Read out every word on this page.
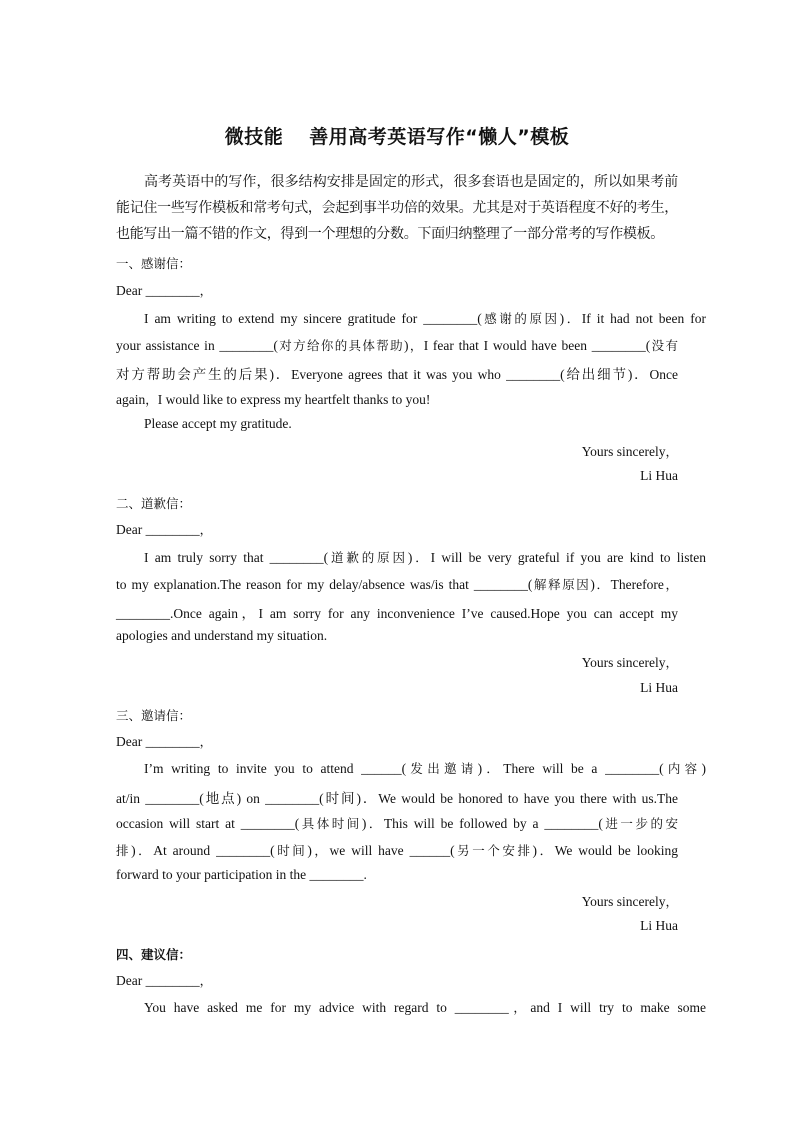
微技能 善用高考英语写作“懒人”模板
高考英语中的写作，很多结构安排是固定的形式，很多套语也是固定的，所以如果考前能记住一些写作模板和常考句式，会起到事半功倍的效果。尤其是对于英语程度不好的考生，也能写出一篇不错的作文，得到一个理想的分数。下面归纳整理了一部分常考的写作模板。
一、感谢信：
Dear ________，
I am writing to extend my sincere gratitude for ________(感谢的原因)．If it had not been for
your assistance in ________(对方给你的具体帮助)，I fear that I would have been ________(没有
对方帮助会产生的后果)．Everyone agrees that it was you who ________(给出细节)．Once
again，I would like to express my heartfelt thanks to you!
Please accept my gratitude.
Yours sincerely，
Li Hua
二、道歉信：
Dear ________，
I am truly sorry that ________(道歉的原因)．I will be very grateful if you are kind to listen
to my explanation.The reason for my delay/absence was/is that ________(解释原因)．Therefore，
________.Once again，I am sorry for any inconvenience I’ve caused.Hope you can accept my
apologies and understand my situation.
Yours sincerely，
Li Hua
三、邀请信：
Dear ________，
I’m writing to invite you to attend ______(发出邀请)．There will be a ________(内容)
at/in ________(地点) on ________(时间)．We would be honored to have you there with us.The
occasion will start at ________(具体时间)．This will be followed by a ________(进一步的安
排)．At around ________(时间)，we will have ______(另一个安排)．We would be looking
forward to your participation in the ________.
Yours sincerely，
Li Hua
四、建议信：
Dear ________，
You have asked me for my advice with regard to ________，and I will try to make some
